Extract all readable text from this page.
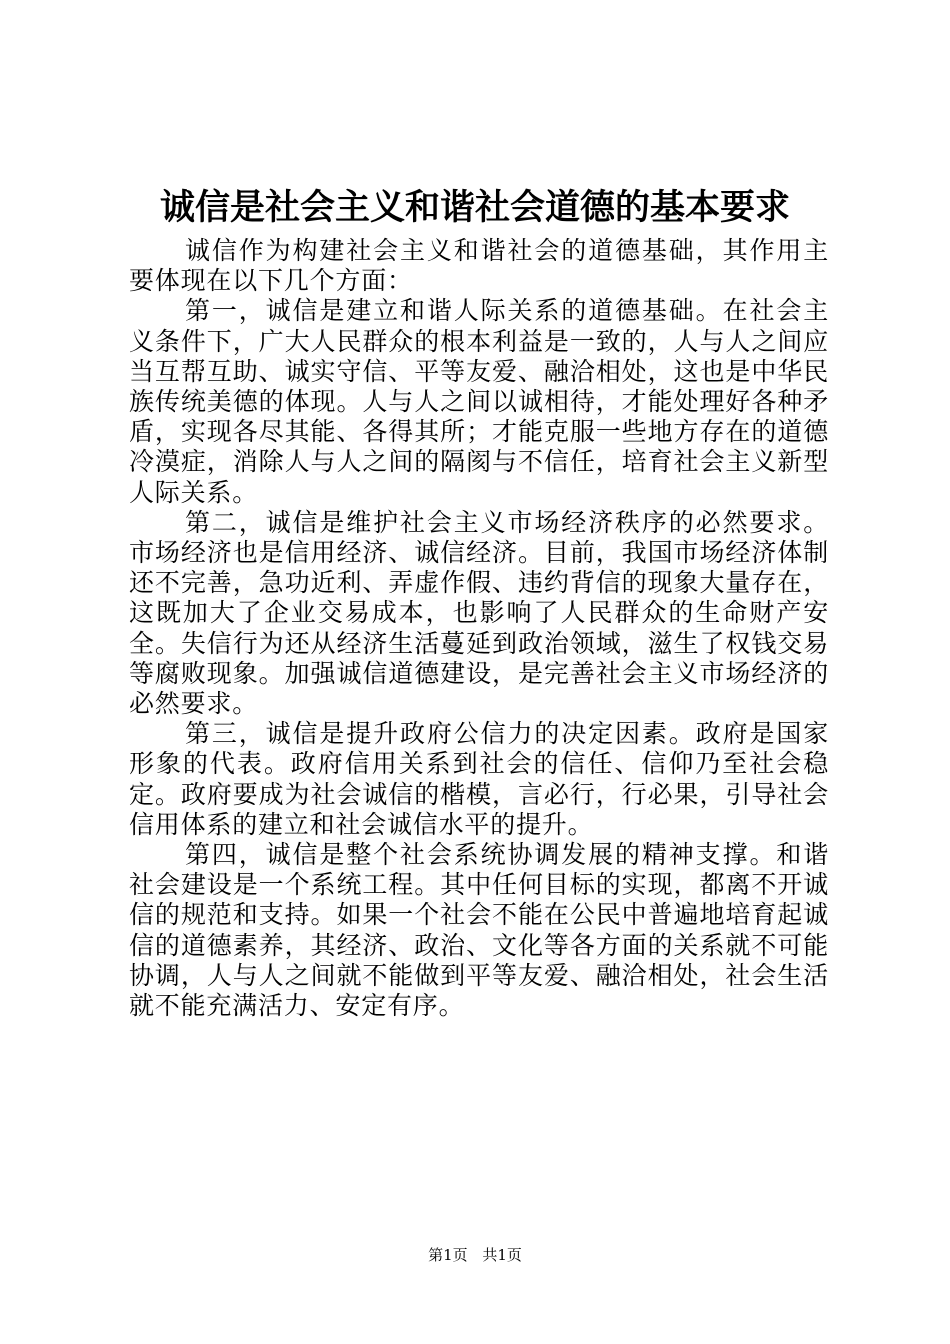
诚信是社会主义和谐社会道德的基本要求

诚信作为构建社会主义和谐社会的道德基础，其作用主要体现在以下几个方面：

第一，诚信是建立和谐人际关系的道德基础。在社会主义条件下，广大人民群众的根本利益是一致的，人与人之间应当互帮互助、诚实守信、平等友爱、融洽相处，这也是中华民族传统美德的体现。人与人之间以诚相待，才能处理好各种矛盾，实现各尽其能、各得其所；才能克服一些地方存在的道德冷漠症，消除人与人之间的隔阂与不信任，培育社会主义新型人际关系。

第二，诚信是维护社会主义市场经济秩序的必然要求。市场经济也是信用经济、诚信经济。目前，我国市场经济体制还不完善，急功近利、弄虚作假、违约背信的现象大量存在，这既加大了企业交易成本，也影响了人民群众的生命财产安全。失信行为还从经济生活蔓延到政治领域，滋生了权钱交易等腐败现象。加强诚信道德建设，是完善社会主义市场经济的必然要求。

第三，诚信是提升政府公信力的决定因素。政府是国家形象的代表。政府信用关系到社会的信任、信仰乃至社会稳定。政府要成为社会诚信的楷模，言必行，行必果，引导社会信用体系的建立和社会诚信水平的提升。

第四，诚信是整个社会系统协调发展的精神支撑。和谐社会建设是一个系统工程。其中任何目标的实现，都离不开诚信的规范和支持。如果一个社会不能在公民中普遍地培育起诚信的道德素养，其经济、政治、文化等各方面的关系就不可能协调，人与人之间就不能做到平等友爱、融洽相处，社会生活就不能充满活力、安定有序。

第1页 共1页
